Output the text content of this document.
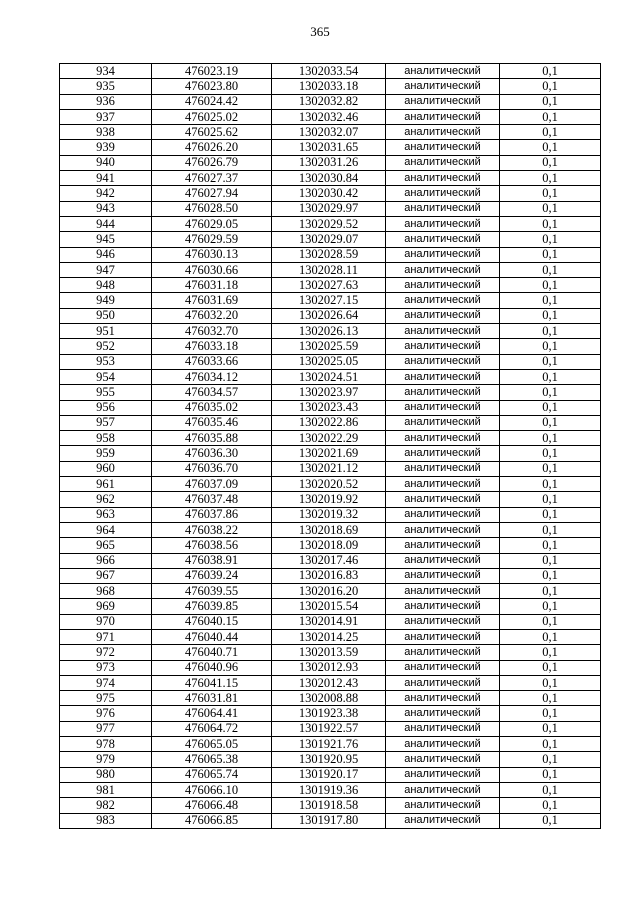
365
934	476023.19	1302033.54	аналитический	0,1
935	476023.80	1302033.18	аналитический	0,1
936	476024.42	1302032.82	аналитический	0,1
937	476025.02	1302032.46	аналитический	0,1
938	476025.62	1302032.07	аналитический	0,1
939	476026.20	1302031.65	аналитический	0,1
940	476026.79	1302031.26	аналитический	0,1
941	476027.37	1302030.84	аналитический	0,1
942	476027.94	1302030.42	аналитический	0,1
943	476028.50	1302029.97	аналитический	0,1
944	476029.05	1302029.52	аналитический	0,1
945	476029.59	1302029.07	аналитический	0,1
946	476030.13	1302028.59	аналитический	0,1
947	476030.66	1302028.11	аналитический	0,1
948	476031.18	1302027.63	аналитический	0,1
949	476031.69	1302027.15	аналитический	0,1
950	476032.20	1302026.64	аналитический	0,1
951	476032.70	1302026.13	аналитический	0,1
952	476033.18	1302025.59	аналитический	0,1
953	476033.66	1302025.05	аналитический	0,1
954	476034.12	1302024.51	аналитический	0,1
955	476034.57	1302023.97	аналитический	0,1
956	476035.02	1302023.43	аналитический	0,1
957	476035.46	1302022.86	аналитический	0,1
958	476035.88	1302022.29	аналитический	0,1
959	476036.30	1302021.69	аналитический	0,1
960	476036.70	1302021.12	аналитический	0,1
961	476037.09	1302020.52	аналитический	0,1
962	476037.48	1302019.92	аналитический	0,1
963	476037.86	1302019.32	аналитический	0,1
964	476038.22	1302018.69	аналитический	0,1
965	476038.56	1302018.09	аналитический	0,1
966	476038.91	1302017.46	аналитический	0,1
967	476039.24	1302016.83	аналитический	0,1
968	476039.55	1302016.20	аналитический	0,1
969	476039.85	1302015.54	аналитический	0,1
970	476040.15	1302014.91	аналитический	0,1
971	476040.44	1302014.25	аналитический	0,1
972	476040.71	1302013.59	аналитический	0,1
973	476040.96	1302012.93	аналитический	0,1
974	476041.15	1302012.43	аналитический	0,1
975	476031.81	1302008.88	аналитический	0,1
976	476064.41	1301923.38	аналитический	0,1
977	476064.72	1301922.57	аналитический	0,1
978	476065.05	1301921.76	аналитический	0,1
979	476065.38	1301920.95	аналитический	0,1
980	476065.74	1301920.17	аналитический	0,1
981	476066.10	1301919.36	аналитический	0,1
982	476066.48	1301918.58	аналитический	0,1
983	476066.85	1301917.80	аналитический	0,1
